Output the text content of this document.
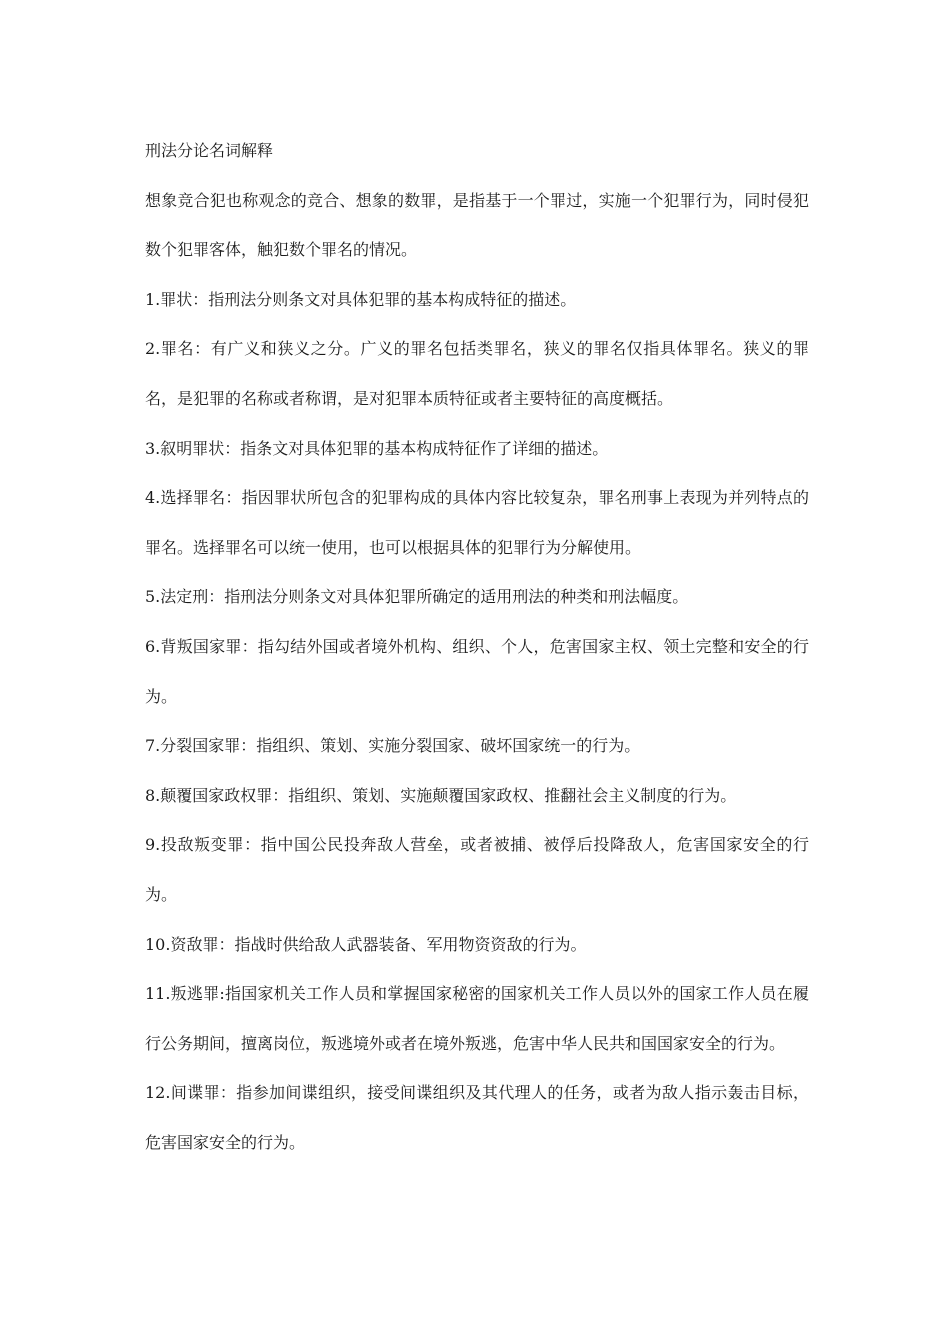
刑法分论名词解释

想象竞合犯也称观念的竞合、想象的数罪，是指基于一个罪过，实施一个犯罪行为，同时侵犯数个犯罪客体，触犯数个罪名的情况。

1.罪状：指刑法分则条文对具体犯罪的基本构成特征的描述。

2.罪名：有广义和狭义之分。广义的罪名包括类罪名，狭义的罪名仅指具体罪名。狭义的罪名，是犯罪的名称或者称谓，是对犯罪本质特征或者主要特征的高度概括。

3.叙明罪状：指条文对具体犯罪的基本构成特征作了详细的描述。

4.选择罪名：指因罪状所包含的犯罪构成的具体内容比较复杂，罪名刑事上表现为并列特点的罪名。选择罪名可以统一使用，也可以根据具体的犯罪行为分解使用。

5.法定刑：指刑法分则条文对具体犯罪所确定的适用刑法的种类和刑法幅度。

6.背叛国家罪：指勾结外国或者境外机构、组织、个人，危害国家主权、领土完整和安全的行为。

7.分裂国家罪：指组织、策划、实施分裂国家、破坏国家统一的行为。

8.颠覆国家政权罪：指组织、策划、实施颠覆国家政权、推翻社会主义制度的行为。

9.投敌叛变罪：指中国公民投奔敌人营垒，或者被捕、被俘后投降敌人，危害国家安全的行为。

10.资敌罪：指战时供给敌人武器装备、军用物资资敌的行为。

11.叛逃罪:指国家机关工作人员和掌握国家秘密的国家机关工作人员以外的国家工作人员在履行公务期间，擅离岗位，叛逃境外或者在境外叛逃，危害中华人民共和国国家安全的行为。

12.间谍罪：指参加间谍组织，接受间谍组织及其代理人的任务，或者为敌人指示轰击目标，危害国家安全的行为。
